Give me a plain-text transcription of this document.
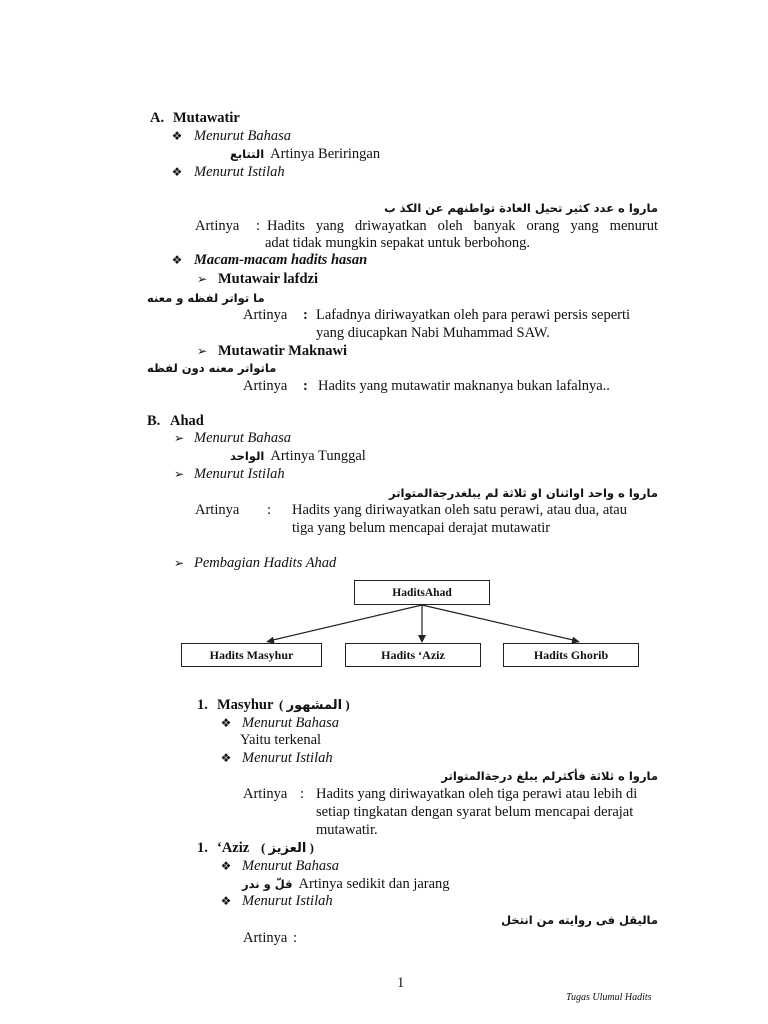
A. Mutawatir
❖
Menurut Bahasa
التتابع Artinya Beriringan
❖
Menurut Istilah
ماروا ه عدد كثير تحيل العادة تواطنهم عن الكذ ب
Artinya : Hadits yang driwayatkan oleh banyak orang yang menurut
adat tidak mungkin sepakat untuk berbohong.
❖
Macam-macam hadits hasan
➢
Mutawair lafdzi
ما تواتر لفظه و معنه
Artinya : Lafadnya diriwayatkan oleh para perawi persis seperti
yang diucapkan Nabi Muhammad SAW.
➢
Mutawatir Maknawi
ماتواتر معنه دون لفظه
Artinya : Hadits yang mutawatir maknanya bukan lafalnya..
B. Ahad
➢
Menurut Bahasa
الواحد Artinya Tunggal
➢
Menurut Istilah
ماروا ه واحد اواثنان او ثلاثة لم يبلغدرجةالمتواتر
Artinya : Hadits yang diriwayatkan oleh satu perawi, atau dua, atau
tiga yang belum mencapai derajat mutawatir
➢
Pembagian Hadits Ahad
HaditsAhad
Hadits Masyhur	Hadits ‘Aziz	Hadits Ghorib
1. Masyhur ( المشهور )
❖
Menurut Bahasa
Yaitu terkenal
❖
Menurut Istilah
ماروا ه ثلاثة فأكثرلم يبلغ درجةالمتواتر
Artinya : Hadits yang diriwayatkan oleh tiga perawi atau lebih di
setiap tingkatan dengan syarat belum mencapai derajat
mutawatir.
1. ‘Aziz ( العزيز )
❖
Menurut Bahasa
قلّ و ندر Artinya sedikit dan jarang
❖
Menurut Istilah
ماليقل فى روايته من انتخل
Artinya :
1
Tugas Ulumul Hadits
